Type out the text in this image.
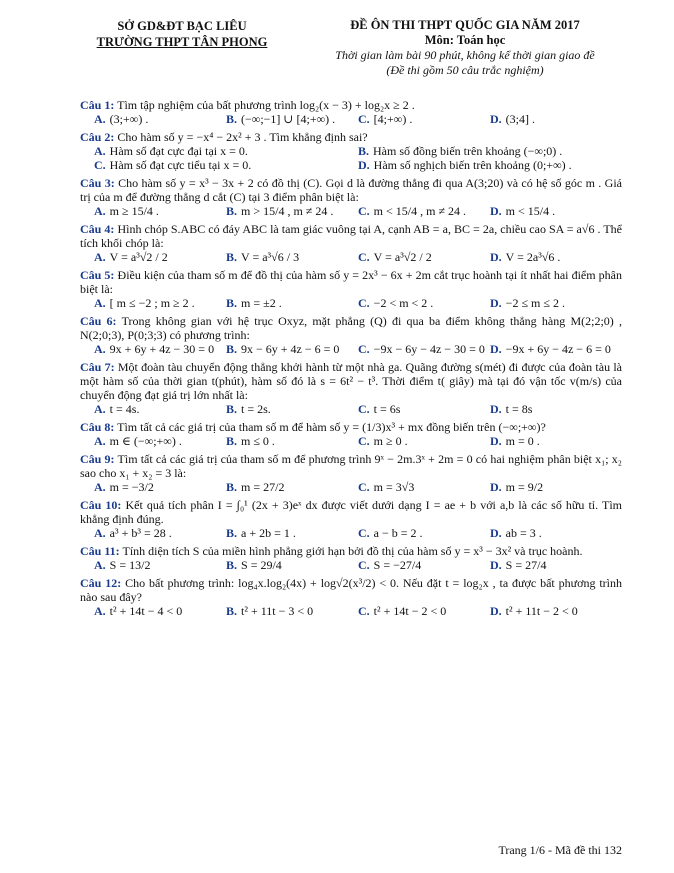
SỞ GD&ĐT BẠC LIÊU
TRƯỜNG THPT TÂN PHONG
ĐỀ ÔN THI THPT QUỐC GIA NĂM 2017
Môn: Toán học
Thời gian làm bài 90 phút, không kể thời gian giao đề
(Đề thi gồm 50 câu trắc nghiệm)
Câu 1: Tìm tập nghiệm của bất phương trình log₂(x − 3) + log₂x ≥ 2 .
A. (3;+∞) .	B. (−∞;−1] ∪ [4;+∞) . C. [4;+∞) .	D. (3;4] .
Câu 2: Cho hàm số y = −x⁴ − 2x² + 3 . Tìm khẳng định sai?
A. Hàm số đạt cực đại tại x = 0.	B. Hàm số đồng biến trên khoảng (−∞;0) .
C. Hàm số đạt cực tiểu tại x = 0.	D. Hàm số nghịch biến trên khoảng (0;+∞) .
Câu 3: Cho hàm số y = x³ − 3x + 2 có đồ thị (C). Gọi d là đường thẳng đi qua A(3;20) và có hệ số góc m . Giá trị của m để đường thẳng d cắt (C) tại 3 điểm phân biệt là:
A. m ≥ 15/4 .	B. m > 15/4 , m ≠ 24 . C. m < 15/4 , m ≠ 24 . D. m < 15/4 .
Câu 4: Hình chóp S.ABC có đáy ABC là tam giác vuông tại A, cạnh AB = a, BC = 2a, chiều cao SA = a√6 . Thể tích khối chóp là:
A. V = a³√2 / 2	B. V = a³√6 / 3	C. V = a³√2 / 2	D. V = 2a³√6 .
Câu 5: Điều kiện của tham số m để đồ thị của hàm số y = 2x³ − 6x + 2m cắt trục hoành tại ít nhất hai điểm phân biệt là:
A. [ m ≤ −2 ; m ≥ 2 .	B. m = ±2 .	C. −2 < m < 2 .	D. −2 ≤ m ≤ 2 .
Câu 6: Trong không gian với hệ trục Oxyz, mặt phẳng (Q) đi qua ba điểm không thẳng hàng M(2;2;0) , N(2;0;3), P(0;3;3) có phương trình:
A. 9x + 6y + 4z − 30 = 0 B. 9x − 6y + 4z − 6 = 0 C. −9x − 6y − 4z − 30 = 0 D. −9x + 6y − 4z − 6 = 0
Câu 7: Một đoàn tàu chuyển động thẳng khởi hành từ một nhà ga. Quãng đường s(mét) đi được của đoàn tàu là một hàm số của thời gian t(phút), hàm số đó là s = 6t² − t³. Thời điểm t( giây) mà tại đó vận tốc v(m/s) của chuyển động đạt giá trị lớn nhất là:
A. t = 4s.	B. t = 2s.	C. t = 6s	D. t = 8s
Câu 8: Tìm tất cả các giá trị của tham số m để hàm số y = (1/3)x³ + mx đồng biến trên (−∞;+∞)?
A. m ∈ (−∞;+∞) .	B. m ≤ 0 .	C. m ≥ 0 .	D. m = 0 .
Câu 9: Tìm tất cả các giá trị của tham số m để phương trình 9ˣ − 2m.3ˣ + 2m = 0 có hai nghiệm phân biệt x₁; x₂ sao cho x₁ + x₂ = 3 là:
A. m = −3/2	B. m = 27/2	C. m = 3√3	D. m = 9/2
Câu 10: Kết quả tích phân I = ∫₀¹ (2x + 3)eˣ dx được viết dưới dạng I = ae + b với a,b là các số hữu tỉ. Tìm khẳng định đúng.
A. a³ + b³ = 28 .	B. a + 2b = 1 .	C. a − b = 2 .	D. ab = 3 .
Câu 11: Tính diện tích S của miền hình phẳng giới hạn bởi đồ thị của hàm số y = x³ − 3x² và trục hoành.
A. S = 13/2	B. S = 29/4	C. S = −27/4	D. S = 27/4
Câu 12: Cho bất phương trình: log₄x.log₂(4x) + log√2(x³/2) < 0. Nếu đặt t = log₂x , ta được bất phương trình nào sau đây?
A. t² + 14t − 4 < 0	B. t² + 11t − 3 < 0	C. t² + 14t − 2 < 0	D. t² + 11t − 2 < 0
Trang 1/6 - Mã đề thi 132
